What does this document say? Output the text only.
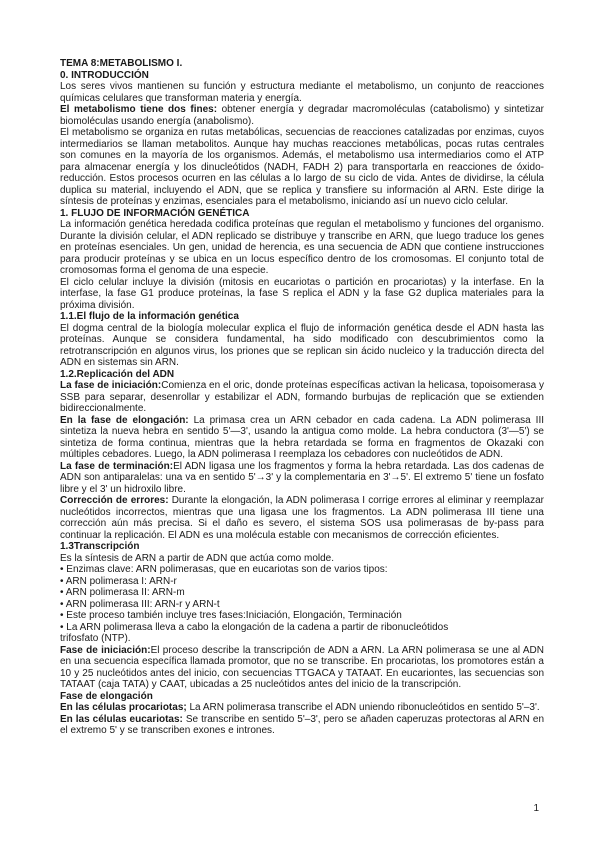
TEMA 8:METABOLISMO I.

0. INTRODUCCIÓN

Los seres vivos mantienen su función y estructura mediante el metabolismo, un conjunto de reacciones químicas celulares que transforman materia y energía.

El metabolismo tiene dos fines: obtener energía y degradar macromoléculas (catabolismo) y sintetizar biomoléculas usando energía (anabolismo).

El metabolismo se organiza en rutas metabólicas, secuencias de reacciones catalizadas por enzimas, cuyos intermediarios se llaman metabolitos. Aunque hay muchas reacciones metabólicas, pocas rutas centrales son comunes en la mayoría de los organismos. Además, el metabolismo usa intermediarios como el ATP para almacenar energía y los dinucleótidos (NADH, FADH 2) para transportarla en reacciones de óxido-reducción. Estos procesos ocurren en las células a lo largo de su ciclo de vida. Antes de dividirse, la célula duplica su material, incluyendo el ADN, que se replica y transfiere su información al ARN. Este dirige la síntesis de proteínas y enzimas, esenciales para el metabolismo, iniciando así un nuevo ciclo celular.

1. FLUJO DE INFORMACIÓN GENÉTICA

La información genética heredada codifica proteínas que regulan el metabolismo y funciones del organismo. Durante la división celular, el ADN replicado se distribuye y transcribe en ARN, que luego traduce los genes en proteínas esenciales. Un gen, unidad de herencia, es una secuencia de ADN que contiene instrucciones para producir proteínas y se ubica en un locus específico dentro de los cromosomas. El conjunto total de cromosomas forma el genoma de una especie.

El ciclo celular incluye la división (mitosis en eucariotas o partición en procariotas) y la interfase. En la interfase, la fase G1 produce proteínas, la fase S replica el ADN y la fase G2 duplica materiales para la próxima división.

1.1.El flujo de la información genética

El dogma central de la biología molecular explica el flujo de información genética desde el ADN hasta las proteínas. Aunque se considera fundamental, ha sido modificado con descubrimientos como la retrotranscripción en algunos virus, los priones que se replican sin ácido nucleico y la traducción directa del ADN en sistemas sin ARN.

1.2.Replicación del ADN

La fase de iniciación:Comienza en el oric, donde proteínas específicas activan la helicasa, topoisomerasa y SSB para separar, desenrollar y estabilizar el ADN, formando burbujas de replicación que se extienden bidireccionalmente.

En la fase de elongación: La primasa crea un ARN cebador en cada cadena. La ADN polimerasa III sintetiza la nueva hebra en sentido 5'—3', usando la antigua como molde. La hebra conductora (3'—5') se sintetiza de forma continua, mientras que la hebra retardada se forma en fragmentos de Okazaki con múltiples cebadores. Luego, la ADN polimerasa I reemplaza los cebadores con nucleótidos de ADN.

La fase de terminación:El ADN ligasa une los fragmentos y forma la hebra retardada. Las dos cadenas de ADN son antiparalelas: una va en sentido 5'→3' y la complementaria en 3'→5'. El extremo 5' tiene un fosfato libre y el 3' un hidroxilo libre.

Corrección de errores: Durante la elongación, la ADN polimerasa I corrige errores al eliminar y reemplazar nucleótidos incorrectos, mientras que una ligasa une los fragmentos. La ADN polimerasa III tiene una corrección aún más precisa. Si el daño es severo, el sistema SOS usa polimerasas de by-pass para continuar la replicación. El ADN es una molécula estable con mecanismos de corrección eficientes.

1.3Transcripción

Es la síntesis de ARN a partir de ADN que actúa como molde.

• Enzimas clave: ARN polimerasas, que en eucariotas son de varios tipos:

• ARN polimerasa I: ARN-r

• ARN polimerasa II: ARN-m

• ARN polimerasa III: ARN-r y ARN-t

• Este proceso también incluye tres fases:Iniciación, Elongación, Terminación

• La ARN polimerasa lleva a cabo la elongación de la cadena a partir de ribonucleótidos

trifosfato (NTP).

Fase de iniciación:El proceso describe la transcripción de ADN a ARN. La ARN polimerasa se une al ADN en una secuencia específica llamada promotor, que no se transcribe. En procariotas, los promotores están a 10 y 25 nucleótidos antes del inicio, con secuencias TTGACA y TATAAT. En eucariontes, las secuencias son TATAAT (caja TATA) y CAAT, ubicadas a 25 nucleótidos antes del inicio de la transcripción.

Fase de elongación

En las células procariotas; La ARN polimerasa transcribe el ADN uniendo ribonucleótidos en sentido 5'–3'.

En las células eucariotas: Se transcribe en sentido 5'–3', pero se añaden caperuzas protectoras al ARN en el extremo 5' y se transcriben exones e intrones.

1
